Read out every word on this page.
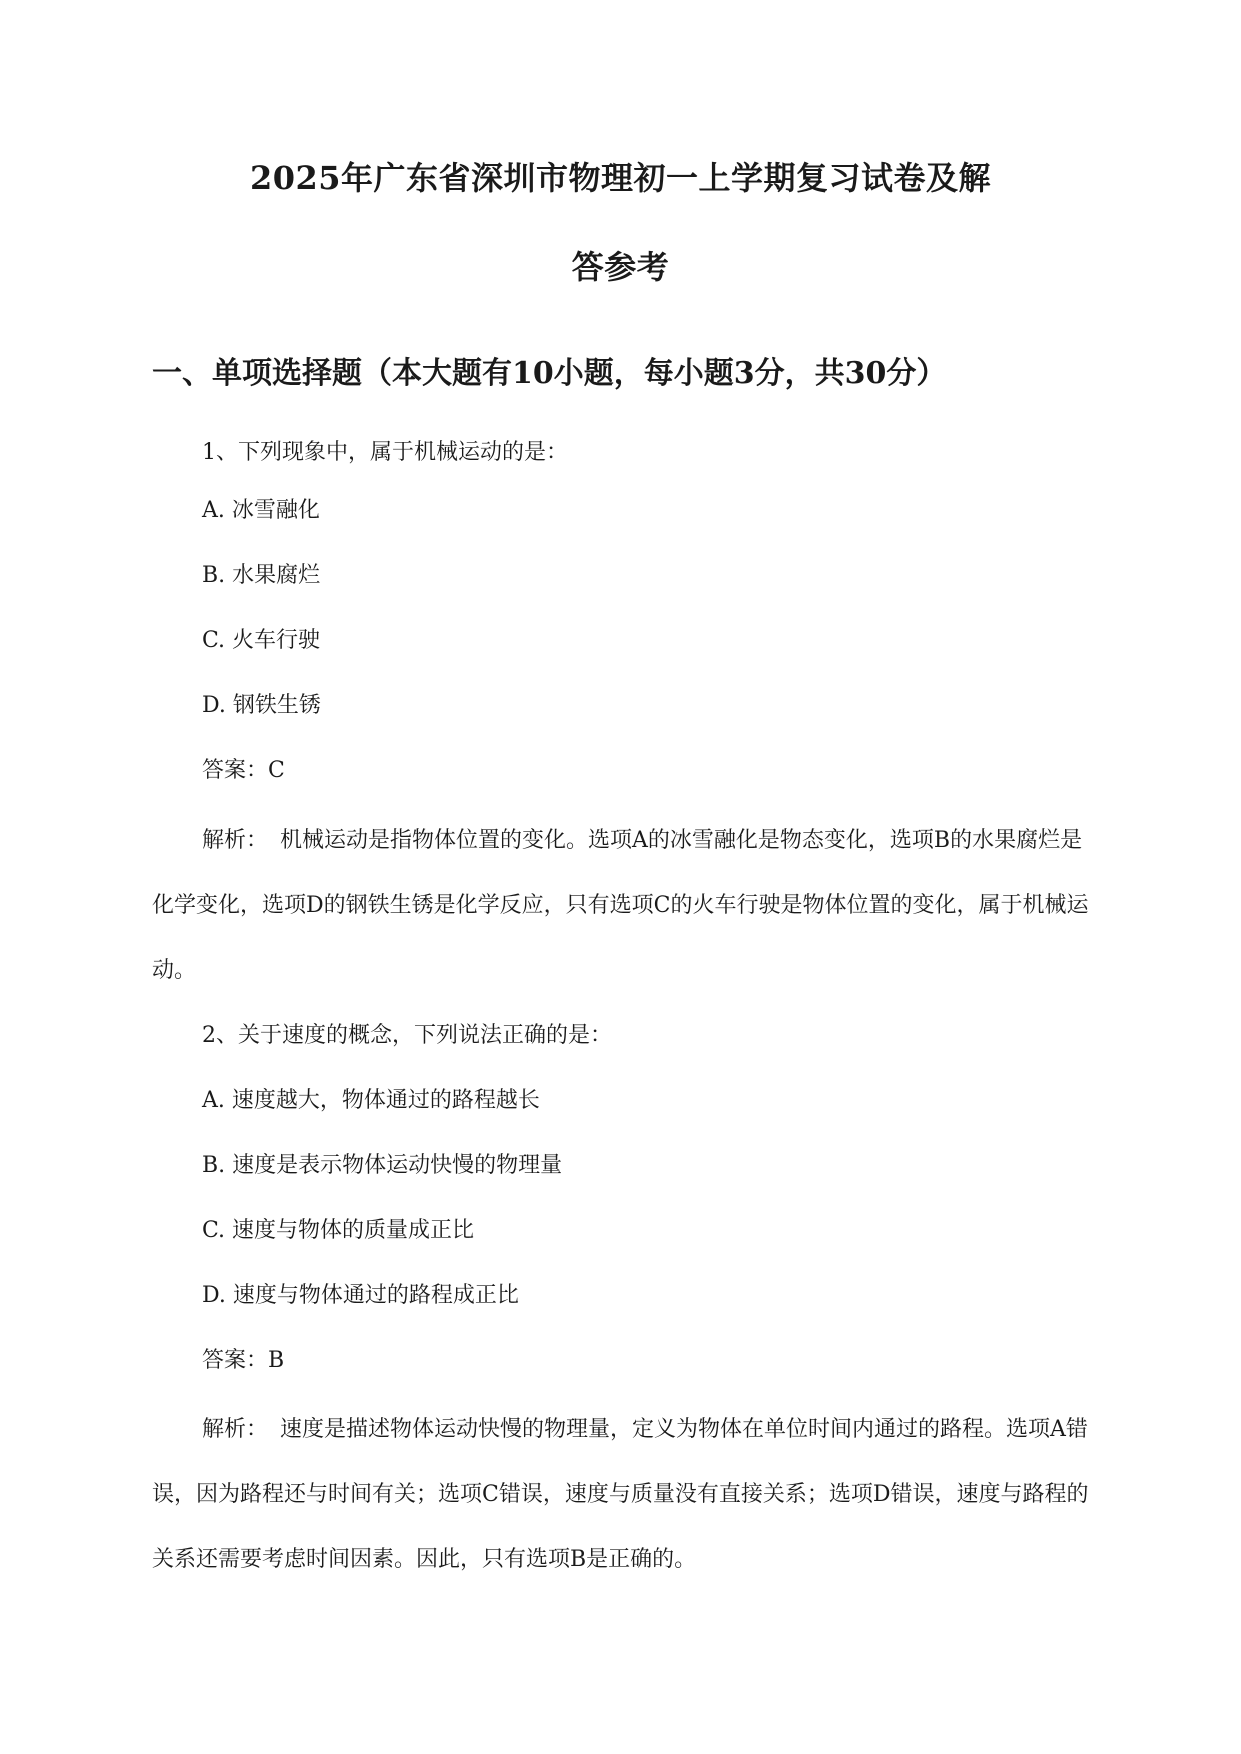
2025年广东省深圳市物理初一上学期复习试卷及解
答参考
一、单项选择题（本大题有10小题，每小题3分，共30分）
1、下列现象中，属于机械运动的是：
A. 冰雪融化
B. 水果腐烂
C. 火车行驶
D. 钢铁生锈
答案：C
解析： 机械运动是指物体位置的变化。选项A的冰雪融化是物态变化，选项B的水果腐烂是化学变化，选项D的钢铁生锈是化学反应，只有选项C的火车行驶是物体位置的变化，属于机械运动。
2、关于速度的概念，下列说法正确的是：
A. 速度越大，物体通过的路程越长
B. 速度是表示物体运动快慢的物理量
C. 速度与物体的质量成正比
D. 速度与物体通过的路程成正比
答案：B
解析： 速度是描述物体运动快慢的物理量，定义为物体在单位时间内通过的路程。选项A错误，因为路程还与时间有关；选项C错误，速度与质量没有直接关系；选项D错误，速度与路程的关系还需要考虑时间因素。因此，只有选项B是正确的。
